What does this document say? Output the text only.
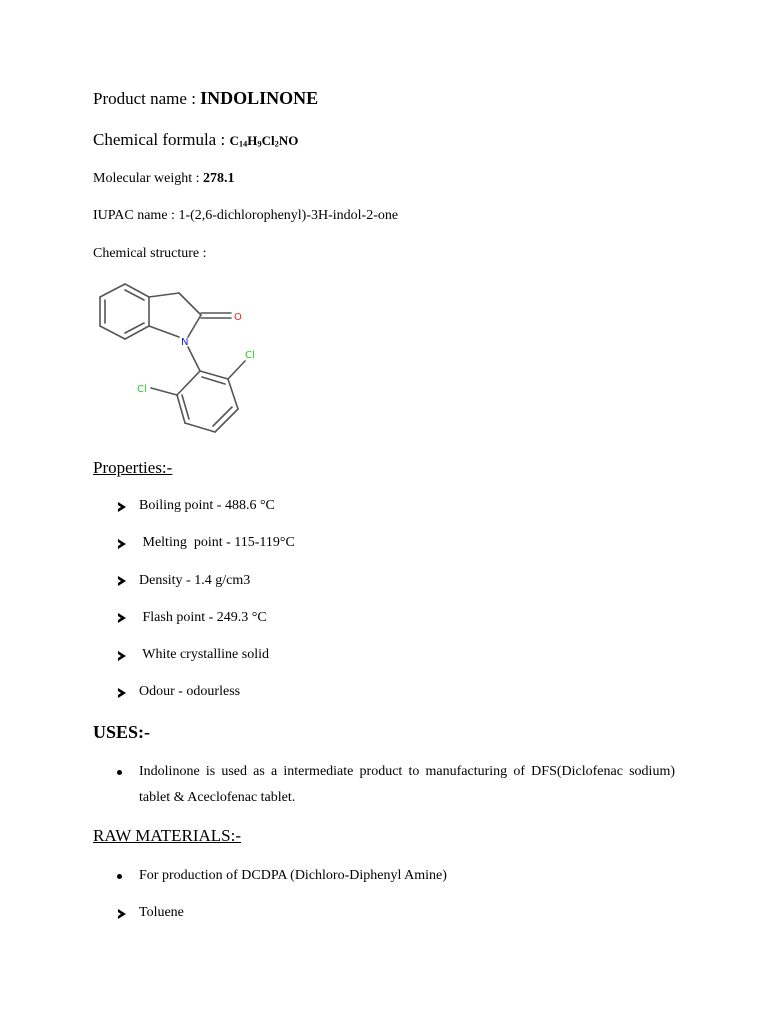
Product name : INDOLINONE
Chemical formula : $C_{14}H_9Cl_2NO$
Molecular weight : 278.1
IUPAC name : 1-(2,6-dichlorophenyl)-3H-indol-2-one
Chemical structure :
O
N
Cl
Cl
Properties:-
Boiling point - 488.6 °C
Melting  point - 115-119°C
Density - 1.4 g/cm3
Flash point - 249.3 °C
White crystalline solid
Odour - odourless
USES:-
Indolinone is used as a intermediate product to manufacturing of DFS(Diclofenac sodium) tablet & Aceclofenac tablet.
RAW MATERIALS:-
For production of DCDPA (Dichloro-Diphenyl Amine)
Toluene
